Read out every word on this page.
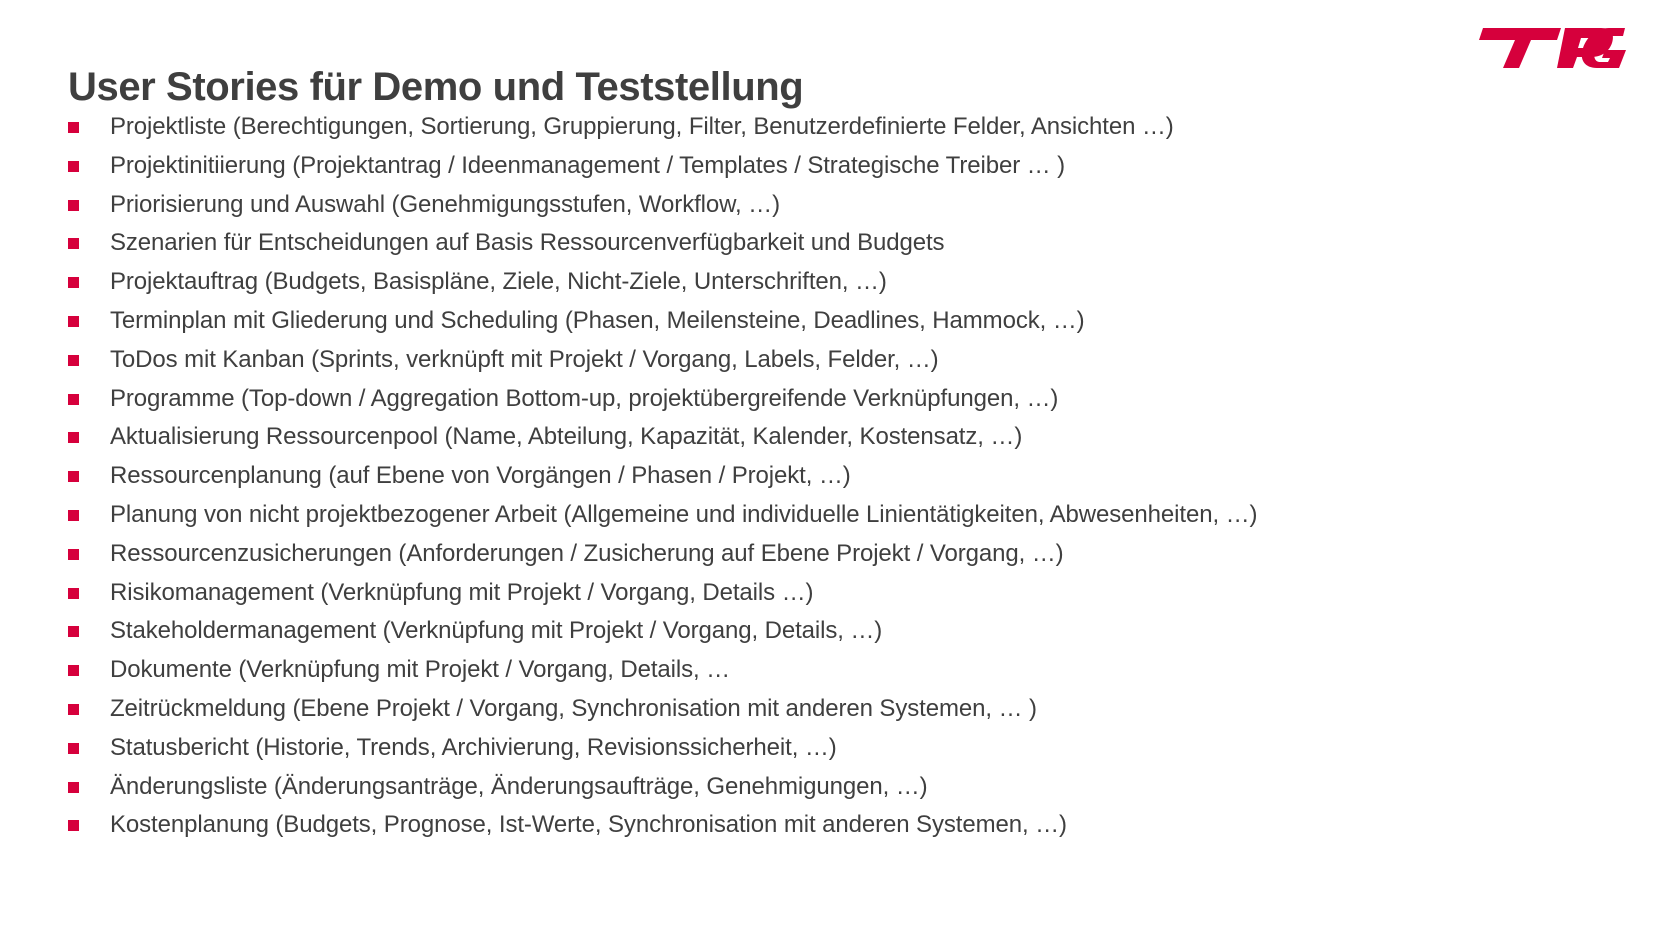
User Stories für Demo und Teststellung
Projektliste (Berechtigungen, Sortierung, Gruppierung, Filter, Benutzerdefinierte Felder, Ansichten …)
Projektinitiierung (Projektantrag / Ideenmanagement / Templates / Strategische Treiber … )
Priorisierung und Auswahl (Genehmigungsstufen, Workflow, …)
Szenarien für Entscheidungen auf Basis Ressourcenverfügbarkeit und Budgets
Projektauftrag (Budgets, Basispläne, Ziele, Nicht-Ziele, Unterschriften, …)
Terminplan mit Gliederung und Scheduling (Phasen, Meilensteine, Deadlines, Hammock, …)
ToDos mit Kanban (Sprints, verknüpft mit Projekt / Vorgang, Labels, Felder, …)
Programme (Top-down / Aggregation Bottom-up, projektübergreifende Verknüpfungen, …)
Aktualisierung Ressourcenpool (Name, Abteilung, Kapazität, Kalender, Kostensatz, …)
Ressourcenplanung (auf Ebene von Vorgängen / Phasen / Projekt, …)
Planung von nicht projektbezogener Arbeit (Allgemeine und individuelle Linientätigkeiten, Abwesenheiten, …)
Ressourcenzusicherungen (Anforderungen / Zusicherung auf Ebene Projekt / Vorgang, …)
Risikomanagement (Verknüpfung mit Projekt / Vorgang, Details …)
Stakeholdermanagement (Verknüpfung mit Projekt / Vorgang, Details, …)
Dokumente (Verknüpfung mit Projekt / Vorgang, Details, …
Zeitrückmeldung (Ebene Projekt / Vorgang, Synchronisation mit anderen Systemen, … )
Statusbericht (Historie, Trends, Archivierung, Revisionssicherheit, …)
Änderungsliste (Änderungsanträge, Änderungsaufträge, Genehmigungen, …)
Kostenplanung (Budgets, Prognose, Ist-Werte, Synchronisation mit anderen Systemen, …)
